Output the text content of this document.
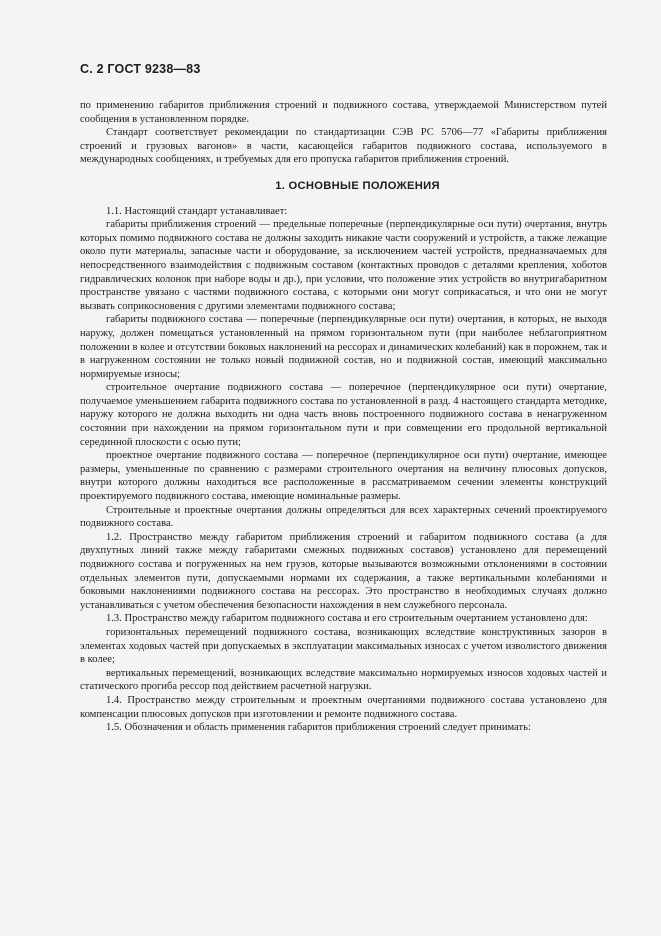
С. 2 ГОСТ 9238—83

по применению габаритов приближения строений и подвижного состава, утверждаемой Министерством путей сообщения в установленном порядке.

Стандарт соответствует рекомендации по стандартизации СЭВ РС 5706—77 «Габариты приближения строений и грузовых вагонов» в части, касающейся габаритов подвижного состава, используемого в международных сообщениях, и требуемых для его пропуска габаритов приближения строений.

1. ОСНОВНЫЕ ПОЛОЖЕНИЯ

1.1. Настоящий стандарт устанавливает:

габариты приближения строений — предельные поперечные (перпендикулярные оси пути) очертания, внутрь которых помимо подвижного состава не должны заходить никакие части сооружений и устройств, а также лежащие около пути материалы, запасные части и оборудование, за исключением частей устройств, предназначаемых для непосредственного взаимодействия с подвижным составом (контактных проводов с деталями крепления, хоботов гидравлических колонок при наборе воды и др.), при условии, что положение этих устройств во внутригабаритном пространстве увязано с частями подвижного состава, с которыми они могут соприкасаться, и что они не могут вызвать соприкосновения с другими элементами подвижного состава;

габариты подвижного состава — поперечные (перпендикулярные оси пути) очертания, в которых, не выходя наружу, должен помещаться установленный на прямом горизонтальном пути (при наиболее неблагоприятном положении в колее и отсутствии боковых наклонений на рессорах и динамических колебаний) как в порожнем, так и в нагруженном состоянии не только новый подвижной состав, но и подвижной состав, имеющий максимально нормируемые износы;

строительное очертание подвижного состава — поперечное (перпендикулярное оси пути) очертание, получаемое уменьшением габарита подвижного состава по установленной в разд. 4 настоящего стандарта методике, наружу которого не должна выходить ни одна часть вновь построенного подвижного состава в ненагруженном состоянии при нахождении на прямом горизонтальном пути и при совмещении его продольной вертикальной серединной плоскости с осью пути;

проектное очертание подвижного состава — поперечное (перпендикулярное оси пути) очертание, имеющее размеры, уменьшенные по сравнению с размерами строительного очертания на величину плюсовых допусков, внутри которого должны находиться все расположенные в рассматриваемом сечении элементы конструкций проектируемого подвижного состава, имеющие номинальные размеры.

Строительные и проектные очертания должны определяться для всех характерных сечений проектируемого подвижного состава.

1.2. Пространство между габаритом приближения строений и габаритом подвижного состава (а для двухпутных линий также между габаритами смежных подвижных составов) установлено для перемещений подвижного состава и погруженных на нем грузов, которые вызываются возможными отклонениями в состоянии отдельных элементов пути, допускаемыми нормами их содержания, а также вертикальными колебаниями и боковыми наклонениями подвижного состава на рессорах. Это пространство в необходимых случаях должно устанавливаться с учетом обеспечения безопасности нахождения в нем служебного персонала.

1.3. Пространство между габаритом подвижного состава и его строительным очертанием установлено для:

горизонтальных перемещений подвижного состава, возникающих вследствие конструктивных зазоров в элементах ходовых частей при допускаемых в эксплуатации максимальных износах с учетом изволистого движения в колее;

вертикальных перемещений, возникающих вследствие максимально нормируемых износов ходовых частей и статического прогиба рессор под действием расчетной нагрузки.

1.4. Пространство между строительным и проектным очертаниями подвижного состава установлено для компенсации плюсовых допусков при изготовлении и ремонте подвижного состава.

1.5. Обозначения и область применения габаритов приближения строений следует принимать:
